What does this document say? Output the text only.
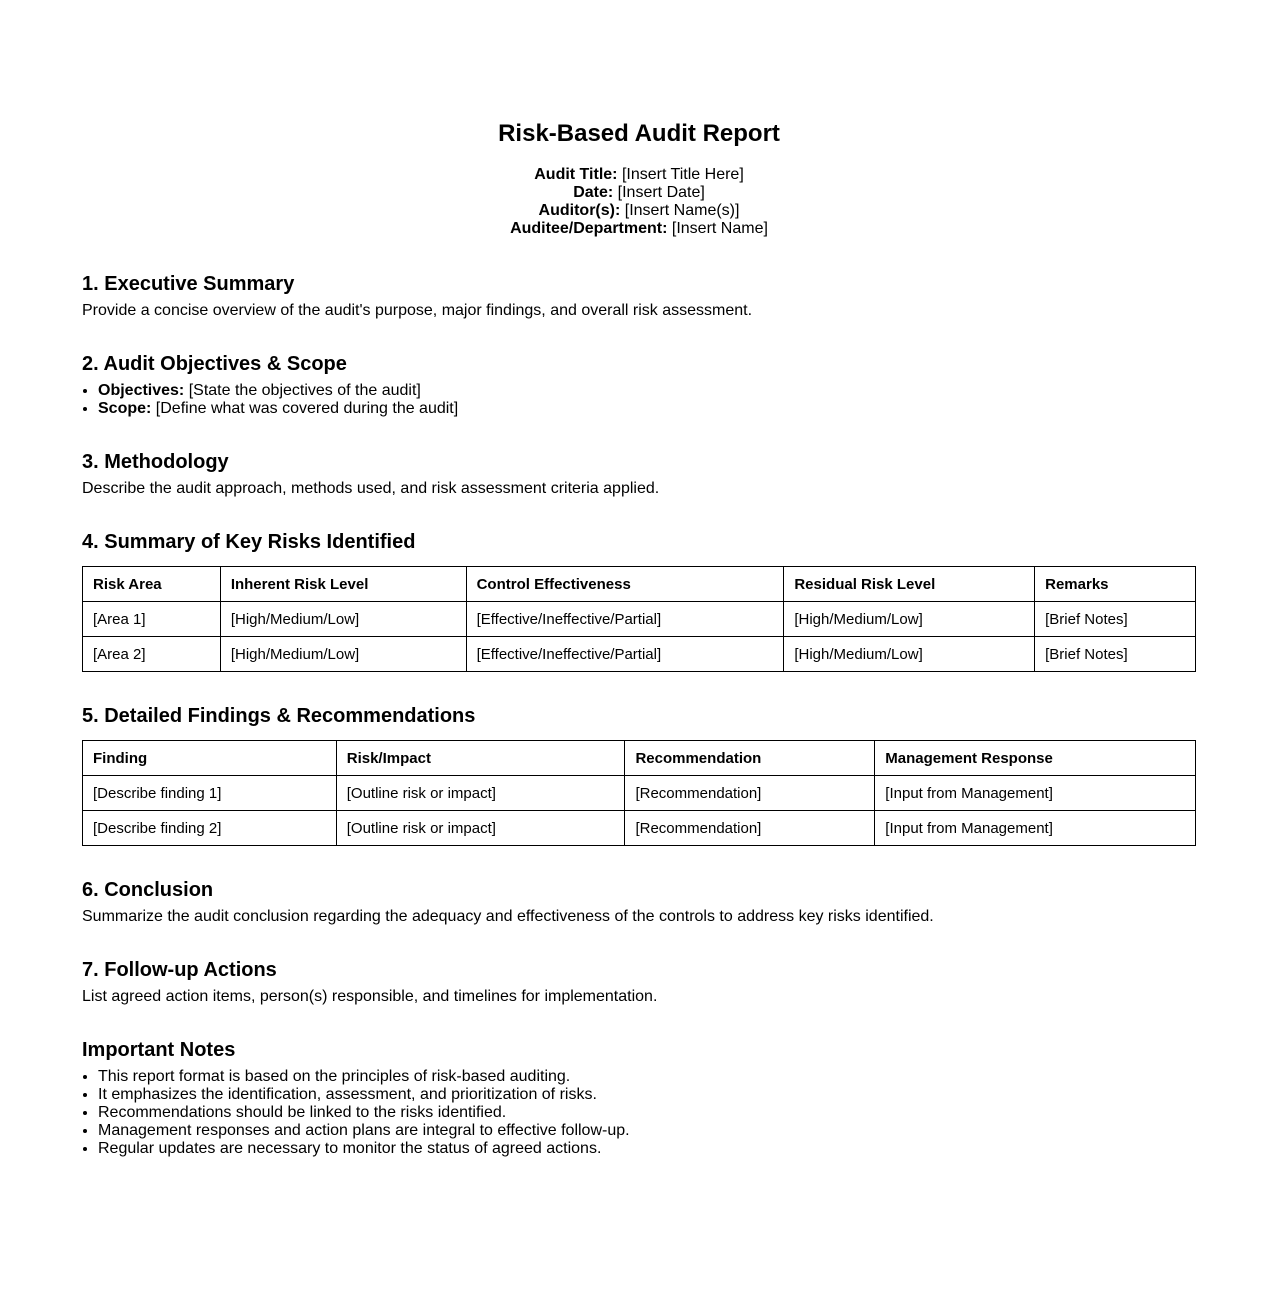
Risk-Based Audit Report
Audit Title: [Insert Title Here]
Date: [Insert Date]
Auditor(s): [Insert Name(s)]
Auditee/Department: [Insert Name]
1. Executive Summary

Provide a concise overview of the audit's purpose, major findings, and overall risk assessment.

2. Audit Objectives & Scope
• Objectives: [State the objectives of the audit]
• Scope: [Define what was covered during the audit]
3. Methodology

Describe the audit approach, methods used, and risk assessment criteria applied.

4. Summary of Key Risks Identified
Risk Area	Inherent Risk Level	Control Effectiveness	Residual Risk Level	Remarks
[Area 1]	[High/Medium/Low]	[Effective/Ineffective/Partial]	[High/Medium/Low]	[Brief Notes]
[Area 2]	[High/Medium/Low]	[Effective/Ineffective/Partial]	[High/Medium/Low]	[Brief Notes]
5. Detailed Findings & Recommendations
Finding	Risk/Impact	Recommendation	Management Response
[Describe finding 1]	[Outline risk or impact]	[Recommendation]	[Input from Management]
[Describe finding 2]	[Outline risk or impact]	[Recommendation]	[Input from Management]
6. Conclusion

Summarize the audit conclusion regarding the adequacy and effectiveness of the controls to address key risks identified.

7. Follow-up Actions

List agreed action items, person(s) responsible, and timelines for implementation.

Important Notes
• This report format is based on the principles of risk-based auditing.
• It emphasizes the identification, assessment, and prioritization of risks.
• Recommendations should be linked to the risks identified.
• Management responses and action plans are integral to effective follow-up.
• Regular updates are necessary to monitor the status of agreed actions.
